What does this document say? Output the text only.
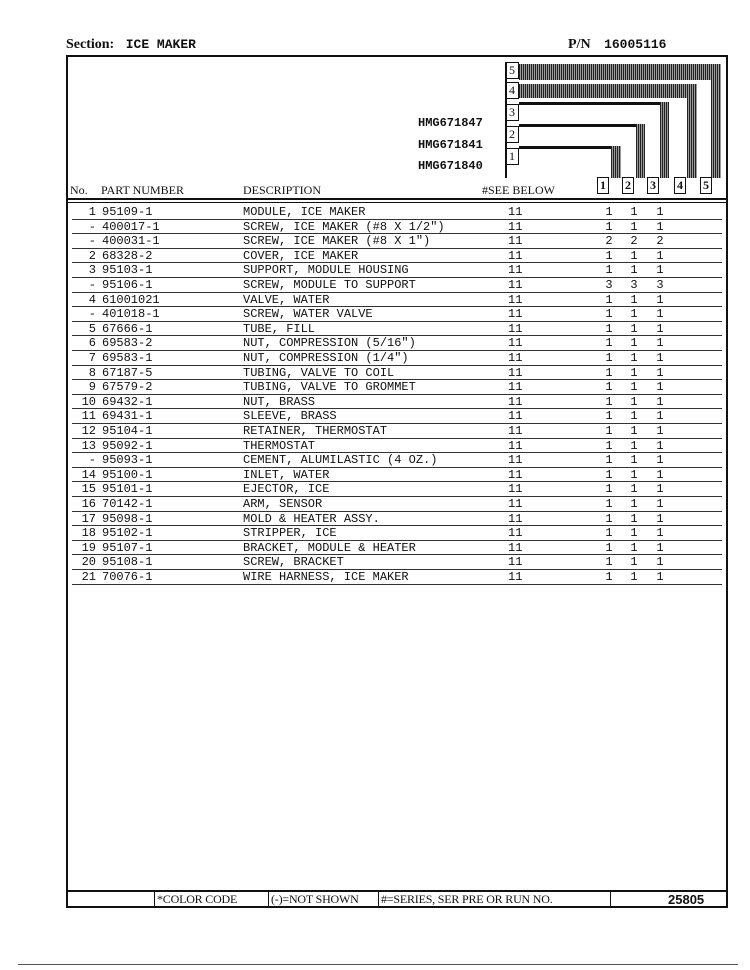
Section: ICE MAKER	P/N 16005116
5
4
3
2
1
1 2 3 4 5
HMG671847
HMG671841
HMG671840
No. PART NUMBER	DESCRIPTION	#SEE BELOW
1 95109-1	MODULE, ICE MAKER	11	1 1 1
- 400017-1	SCREW, ICE MAKER (#8 X 1/2")	11	1 1 1
- 400031-1	SCREW, ICE MAKER (#8 X 1")	11	2 2 2
2 68328-2	COVER, ICE MAKER	11	1 1 1
3 95103-1	SUPPORT, MODULE HOUSING	11	1 1 1
- 95106-1	SCREW, MODULE TO SUPPORT	11	3 3 3
4 61001021	VALVE, WATER	11	1 1 1
- 401018-1	SCREW, WATER VALVE	11	1 1 1
5 67666-1	TUBE, FILL	11	1 1 1
6 69583-2	NUT, COMPRESSION (5/16")	11	1 1 1
7 69583-1	NUT, COMPRESSION (1/4")	11	1 1 1
8 67187-5	TUBING, VALVE TO COIL	11	1 1 1
9 67579-2	TUBING, VALVE TO GROMMET	11	1 1 1
10 69432-1	NUT, BRASS	11	1 1 1
11 69431-1	SLEEVE, BRASS	11	1 1 1
12 95104-1	RETAINER, THERMOSTAT	11	1 1 1
13 95092-1	THERMOSTAT	11	1 1 1
- 95093-1	CEMENT, ALUMILASTIC (4 OZ.)	11	1 1 1
14 95100-1	INLET, WATER	11	1 1 1
15 95101-1	EJECTOR, ICE	11	1 1 1
16 70142-1	ARM, SENSOR	11	1 1 1
17 95098-1	MOLD & HEATER ASSY.	11	1 1 1
18 95102-1	STRIPPER, ICE	11	1 1 1
19 95107-1	BRACKET, MODULE & HEATER	11	1 1 1
20 95108-1	SCREW, BRACKET	11	1 1 1
21 70076-1	WIRE HARNESS, ICE MAKER	11	1 1 1
*COLOR CODE	(-)=NOT SHOWN #=SERIES, SER PRE OR RUN NO.	25805
